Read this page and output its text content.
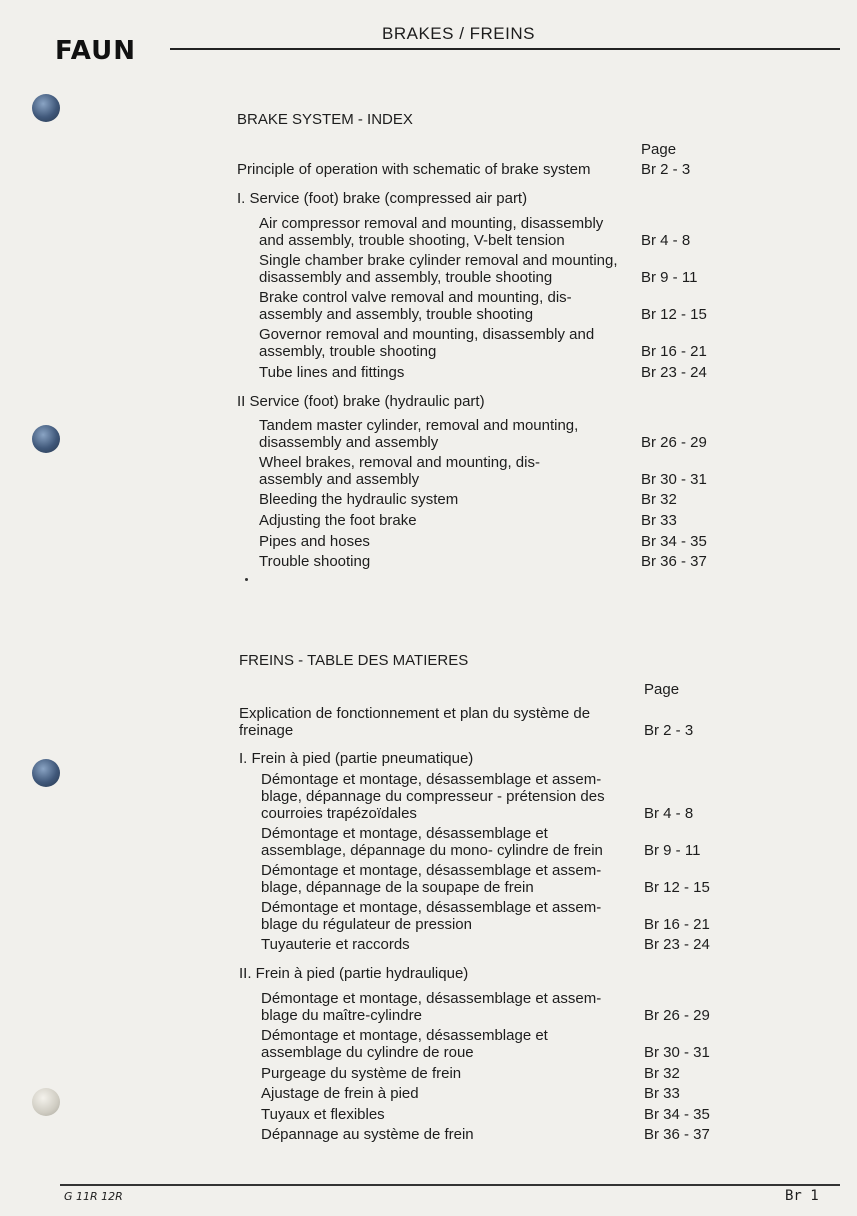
FAUN
BRAKES / FREINS
BRAKE SYSTEM - INDEX
Page
Principle of operation with schematic of brake system	Br 2 - 3
I. Service (foot) brake (compressed air part)
Air compressor removal and mounting, disassembly
and assembly, trouble shooting, V-belt tension	Br 4 - 8
Single chamber brake cylinder removal and mounting,
disassembly and assembly, trouble shooting	Br 9 - 11
Brake control valve removal and mounting, dis-
assembly and assembly, trouble shooting	Br 12 - 15
Governor removal and mounting, disassembly and
assembly, trouble shooting	Br 16 - 21
Tube lines and fittings	Br 23 - 24
II Service (foot) brake (hydraulic part)
Tandem master cylinder, removal and mounting,
disassembly and assembly	Br 26 - 29
Wheel brakes, removal and mounting, dis-
assembly and assembly	Br 30 - 31
Bleeding the hydraulic system	Br 32
Adjusting the foot brake	Br 33
Pipes and hoses	Br 34 - 35
Trouble shooting	Br 36 - 37
FREINS - TABLE DES MATIERES
Page
Explication de fonctionnement et plan du système de
freinage	Br 2 - 3
I. Frein à pied (partie pneumatique)
Démontage et montage, désassemblage et assem-
blage, dépannage du compresseur - prétension des
courroies trapézoïdales	Br 4 - 8
Démontage et montage, désassemblage et
assemblage, dépannage du mono- cylindre de frein	Br 9 - 11
Démontage et montage, désassemblage et assem-
blage, dépannage de la soupape de frein	Br 12 - 15
Démontage et montage, désassemblage et assem-
blage du régulateur de pression	Br 16 - 21
Tuyauterie et raccords	Br 23 - 24
II. Frein à pied (partie hydraulique)
Démontage et montage, désassemblage et assem-
blage du maître-cylindre	Br 26 - 29
Démontage et montage, désassemblage et
assemblage du cylindre de roue	Br 30 - 31
Purgeage du système de frein	Br 32
Ajustage de frein à pied	Br 33
Tuyaux et flexibles	Br 34 - 35
Dépannage au système de frein	Br 36 - 37
G 11R 12R	Br 1
